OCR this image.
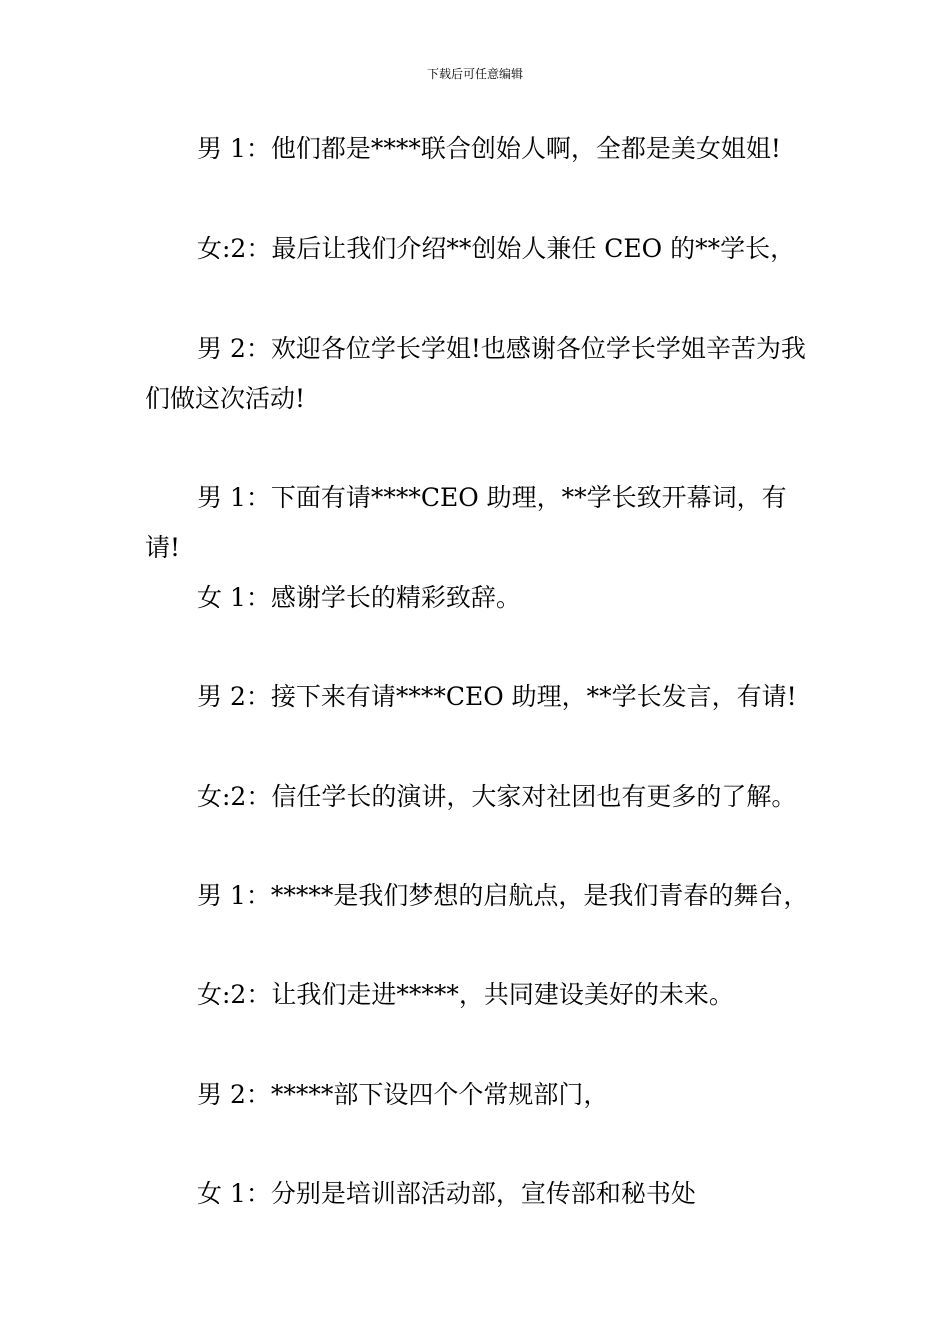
下载后可任意编辑

男 1：他们都是****联合创始人啊，全都是美女姐姐!

女:2：最后让我们介绍**创始人兼任 CEO 的**学长，

男 2：欢迎各位学长学姐!也感谢各位学长学姐辛苦为我们做这次活动!

男 1：下面有请****CEO 助理，**学长致开幕词，有请!

女 1：感谢学长的精彩致辞。

男 2：接下来有请****CEO 助理，**学长发言，有请!

女:2：信任学长的演讲，大家对社团也有更多的了解。

男 1：*****是我们梦想的启航点，是我们青春的舞台，

女:2：让我们走进*****，共同建设美好的未来。

男 2：*****部下设四个个常规部门，

女 1：分别是培训部活动部，宣传部和秘书处
